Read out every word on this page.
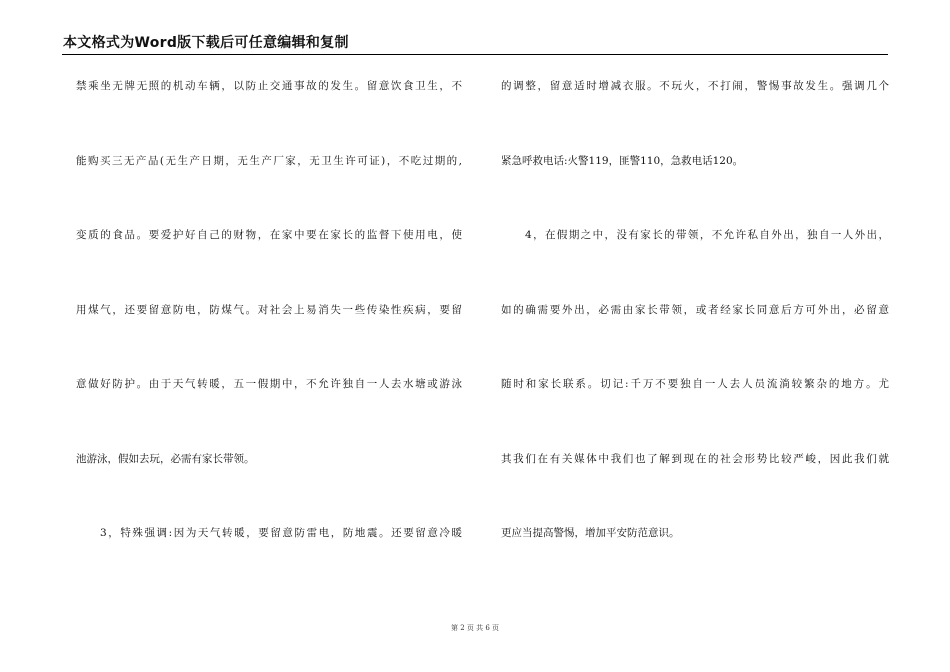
本文格式为Word版下载后可任意编辑和复制
禁乘坐无牌无照的机动车辆，以防止交通事故的发生。留意饮食卫生，不
能购买三无产品(无生产日期，无生产厂家，无卫生许可证)，不吃过期的,
变质的食品。要爱护好自己的财物，在家中要在家长的监督下使用电，使
用煤气，还要留意防电，防煤气。对社会上易消失一些传染性疾病，要留
意做好防护。由于天气转暖，五一假期中，不允许独自一人去水塘或游泳
池游泳，假如去玩，必需有家长带领。
3，特殊强调:因为天气转暖，要留意防雷电，防地震。还要留意冷暖
的调整，留意适时增减衣服。不玩火，不打闹，警惕事故发生。强调几个
紧急呼救电话:火警119，匪警110，急救电话120。
4，在假期之中，没有家长的带领，不允许私自外出，独自一人外出，
如的确需要外出，必需由家长带领，或者经家长同意后方可外出，必留意
随时和家长联系。切记:千万不要独自一人去人员流淌较繁杂的地方。尤
其我们在有关媒体中我们也了解到现在的社会形势比较严峻，因此我们就
更应当提高警惕，增加平安防范意识。
第 2 页 共 6 页
